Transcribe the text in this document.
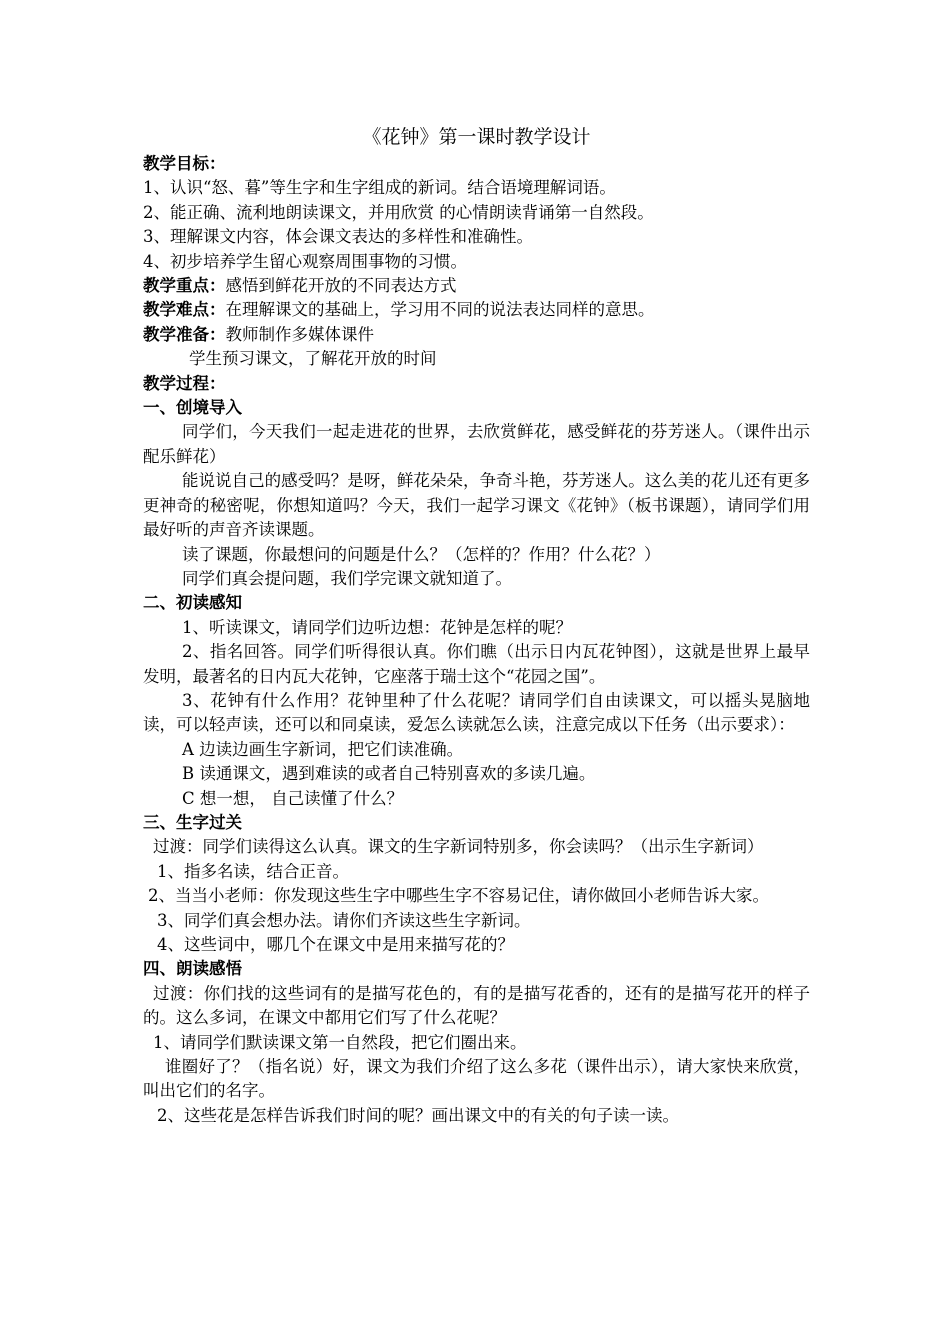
《花钟》第一课时教学设计

教学目标：

1、认识“怒、暮”等生字和生字组成的新词。结合语境理解词语。

2、能正确、流利地朗读课文，并用欣赏 的心情朗读背诵第一自然段。

3、理解课文内容，体会课文表达的多样性和准确性。

4、初步培养学生留心观察周围事物的习惯。

教学重点：感悟到鲜花开放的不同表达方式

教学难点：在理解课文的基础上，学习用不同的说法表达同样的意思。

教学准备：教师制作多媒体课件

学生预习课文，了解花开放的时间

教学过程：

一、创境导入

同学们，今天我们一起走进花的世界，去欣赏鲜花，感受鲜花的芬芳迷人。（课件出示配乐鲜花）

能说说自己的感受吗？是呀，鲜花朵朵，争奇斗艳，芬芳迷人。这么美的花儿还有更多更神奇的秘密呢，你想知道吗？今天，我们一起学习课文《花钟》（板书课题），请同学们用最好听的声音齐读课题。

读了课题，你最想问的问题是什么？（怎样的？作用？什么花？）

同学们真会提问题，我们学完课文就知道了。

二、初读感知

1、听读课文，请同学们边听边想：花钟是怎样的呢？

2、指名回答。同学们听得很认真。你们瞧（出示日内瓦花钟图），这就是世界上最早发明，最著名的日内瓦大花钟，它座落于瑞士这个“花园之国”。

3、花钟有什么作用？花钟里种了什么花呢？请同学们自由读课文，可以摇头晃脑地读，可以轻声读，还可以和同桌读，爱怎么读就怎么读，注意完成以下任务（出示要求）：

A 边读边画生字新词，把它们读准确。

B 读通课文，遇到难读的或者自己特别喜欢的多读几遍。

C 想一想， 自己读懂了什么？

三、生字过关

过渡：同学们读得这么认真。课文的生字新词特别多，你会读吗？（出示生字新词）

1、指多名读，结合正音。

2、当当小老师：你发现这些生字中哪些生字不容易记住，请你做回小老师告诉大家。

3、同学们真会想办法。请你们齐读这些生字新词。

4、这些词中，哪几个在课文中是用来描写花的？

四、朗读感悟

过渡：你们找的这些词有的是描写花色的，有的是描写花香的，还有的是描写花开的样子的。这么多词，在课文中都用它们写了什么花呢？

1、请同学们默读课文第一自然段，把它们圈出来。

谁圈好了？（指名说）好，课文为我们介绍了这么多花（课件出示），请大家快来欣赏，叫出它们的名字。

2、这些花是怎样告诉我们时间的呢？画出课文中的有关的句子读一读。
